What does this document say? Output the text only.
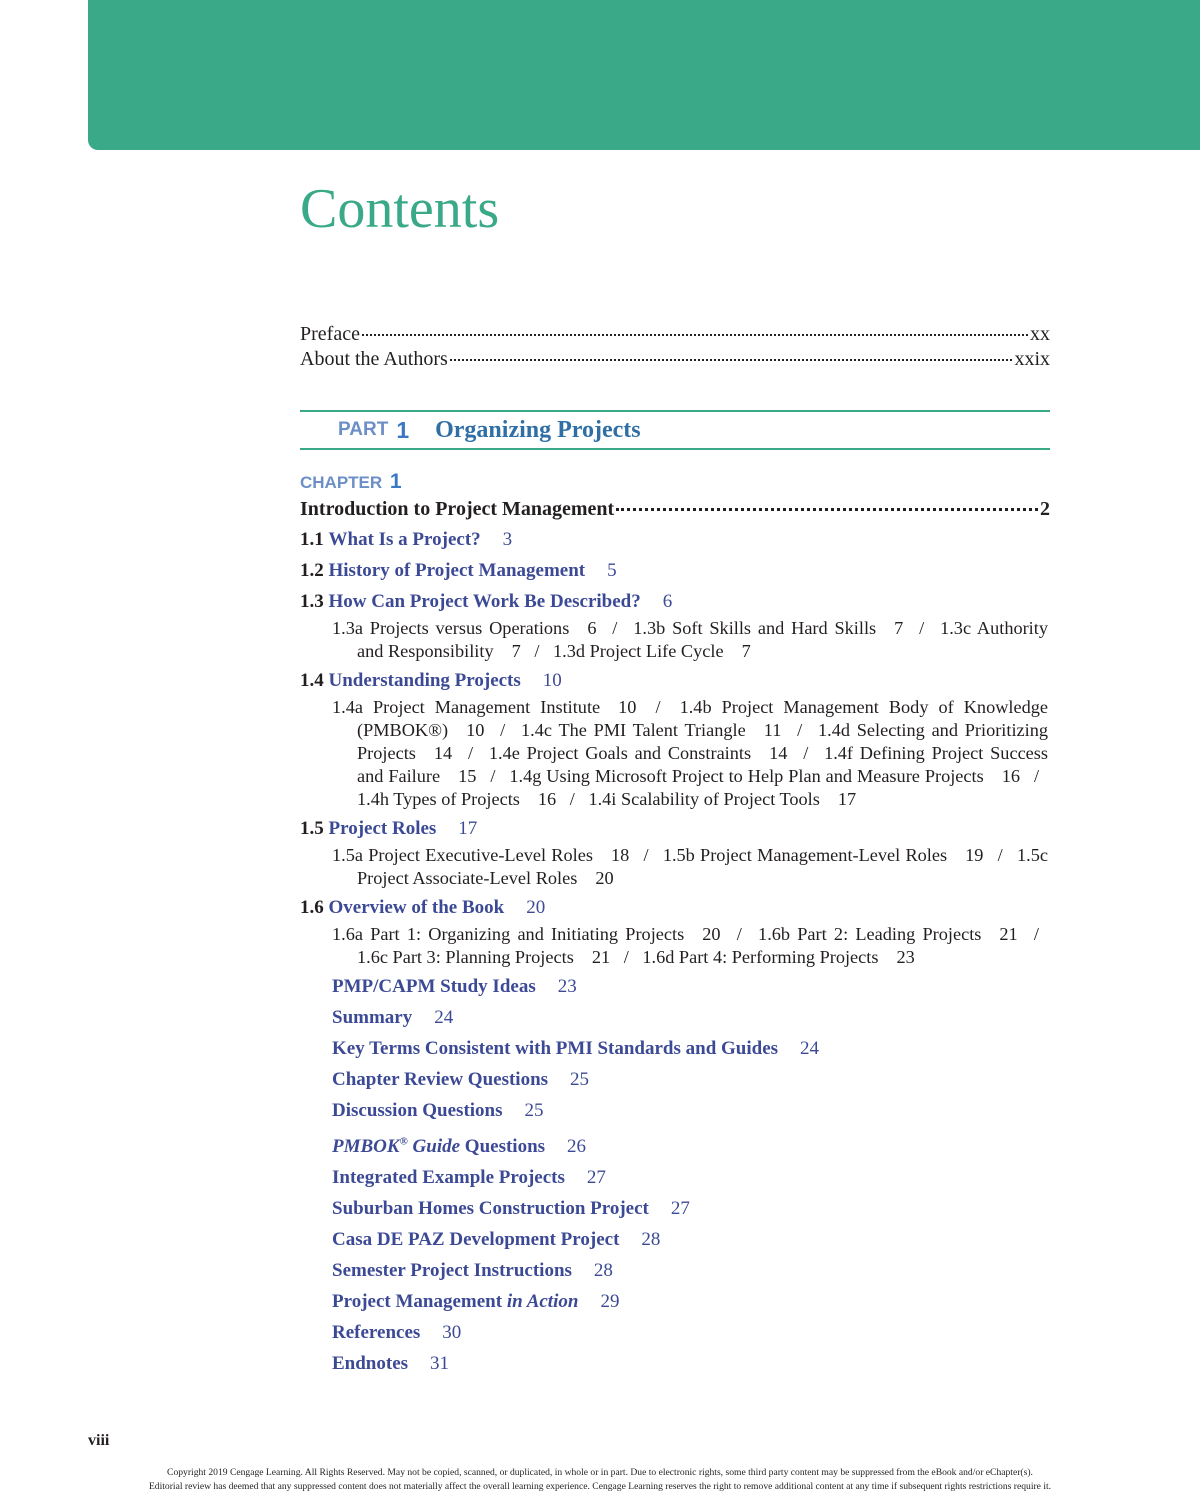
Contents
Preface	xx
About the Authors	xxix
PART 1 Organizing Projects
CHAPTER 1
Introduction to Project Management	2
1.1 What Is a Project? 3
1.2 History of Project Management 5
1.3 How Can Project Work Be Described? 6
1.3a Projects versus Operations 6 / 1.3b Soft Skills and Hard Skills 7 / 1.3c Authority and Responsibility 7 / 1.3d Project Life Cycle 7
1.4 Understanding Projects 10
1.4a Project Management Institute 10 / 1.4b Project Management Body of Knowledge (PMBOK®) 10 / 1.4c The PMI Talent Triangle 11 / 1.4d Selecting and Prioritizing Projects 14 / 1.4e Project Goals and Constraints 14 / 1.4f Defining Project Success and Failure 15 / 1.4g Using Microsoft Project to Help Plan and Measure Projects 16 / 1.4h Types of Projects 16 / 1.4i Scalability of Project Tools 17
1.5 Project Roles 17
1.5a Project Executive-Level Roles 18 / 1.5b Project Management-Level Roles 19 / 1.5c Project Associate-Level Roles 20
1.6 Overview of the Book 20
1.6a Part 1: Organizing and Initiating Projects 20 / 1.6b Part 2: Leading Projects 21 / 1.6c Part 3: Planning Projects 21 / 1.6d Part 4: Performing Projects 23
PMP/CAPM Study Ideas 23
Summary 24
Key Terms Consistent with PMI Standards and Guides 24
Chapter Review Questions 25
Discussion Questions 25
PMBOK® Guide Questions 26
Integrated Example Projects 27
Suburban Homes Construction Project 27
Casa DE PAZ Development Project 28
Semester Project Instructions 28
Project Management in Action 29
References 30
Endnotes 31
viii
Copyright 2019 Cengage Learning. All Rights Reserved. May not be copied, scanned, or duplicated, in whole or in part. Due to electronic rights, some third party content may be suppressed from the eBook and/or eChapter(s).
Editorial review has deemed that any suppressed content does not materially affect the overall learning experience. Cengage Learning reserves the right to remove additional content at any time if subsequent rights restrictions require it.
